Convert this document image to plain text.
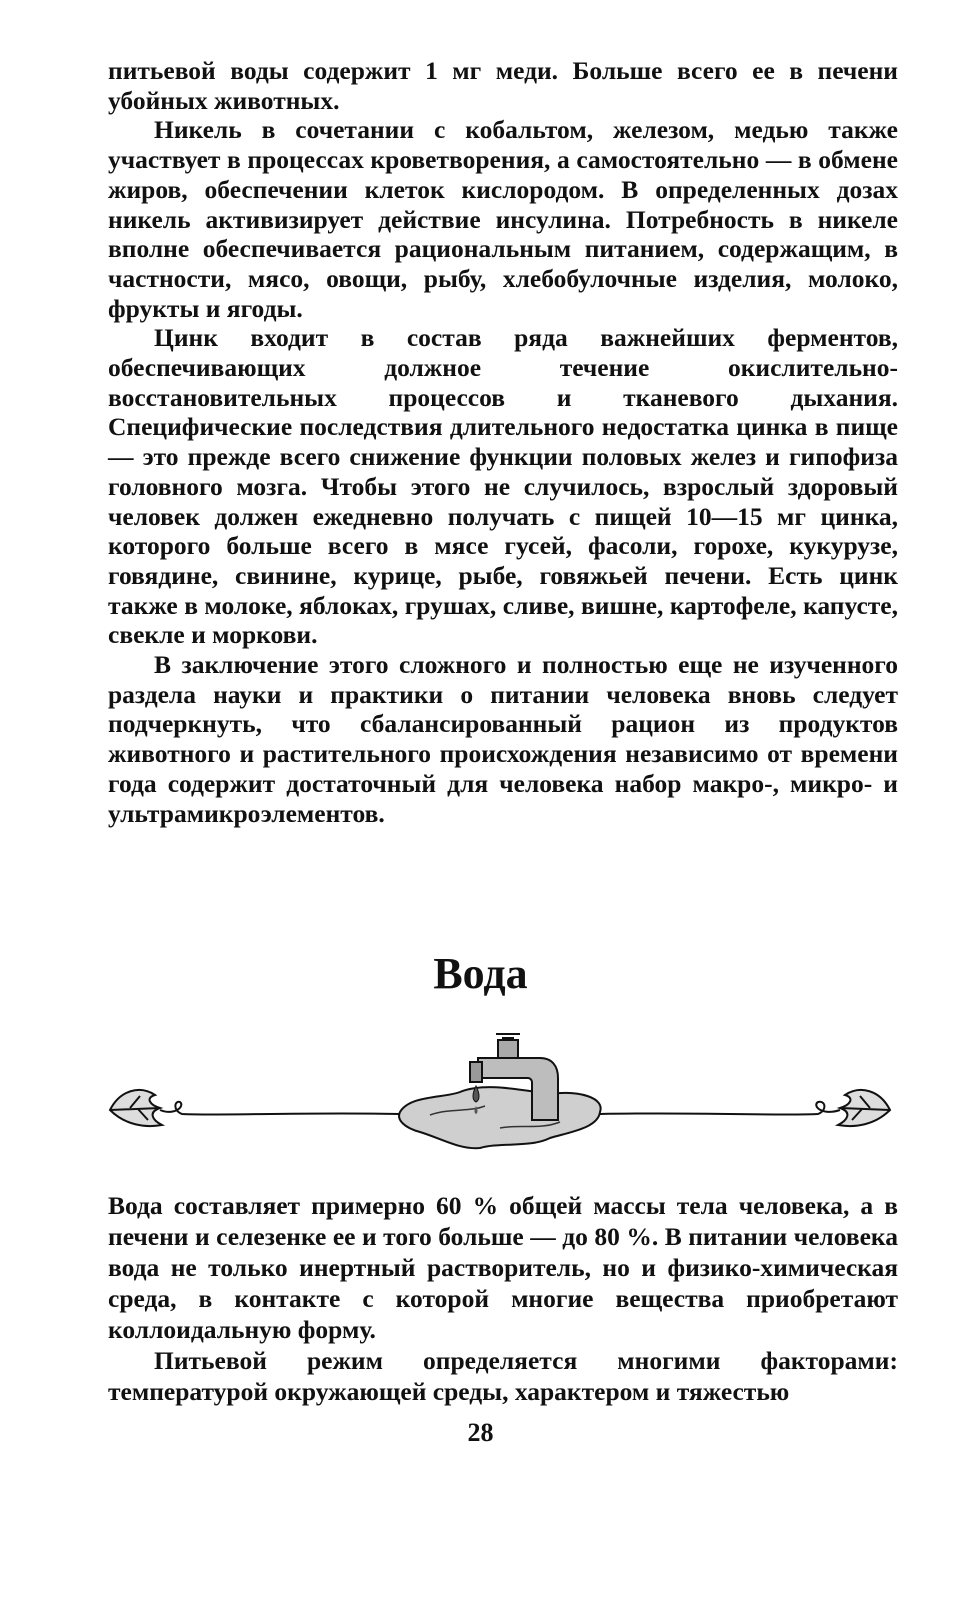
питьевой воды содержит 1 мг меди. Больше всего ее в печени убойных животных.

Никель в сочетании с кобальтом, железом, медью также участвует в процессах кроветворения, а самостоятельно — в обмене жиров, обеспечении клеток кислородом. В определенных дозах никель активизирует действие инсулина. Потребность в никеле вполне обеспечивается рациональным питанием, содержащим, в частности, мясо, овощи, рыбу, хлебобулочные изделия, молоко, фрукты и ягоды.

Цинк входит в состав ряда важнейших ферментов, обеспечивающих должное течение окислительно-восстановительных процессов и тканевого дыхания. Специфические последствия длительного недостатка цинка в пище — это прежде всего снижение функции половых желез и гипофиза головного мозга. Чтобы этого не случилось, взрослый здоровый человек должен ежедневно получать с пищей 10—15 мг цинка, которого больше всего в мясе гусей, фасоли, горохе, кукурузе, говядине, свинине, курице, рыбе, говяжьей печени. Есть цинк также в молоке, яблоках, грушах, сливе, вишне, картофеле, капусте, свекле и моркови.

В заключение этого сложного и полностью еще не изученного раздела науки и практики о питании человека вновь следует подчеркнуть, что сбалансированный рацион из продуктов животного и растительного происхождения независимо от времени года содержит достаточный для человека набор макро-, микро- и ультрамикроэлементов.

Вода

Вода составляет примерно 60 % общей массы тела человека, а в печени и селезенке ее и того больше — до 80 %. В питании человека вода не только инертный растворитель, но и физико-химическая среда, в контакте с которой многие вещества приобретают коллоидальную форму.

Питьевой режим определяется многими факторами: температурой окружающей среды, характером и тяжестью

28
